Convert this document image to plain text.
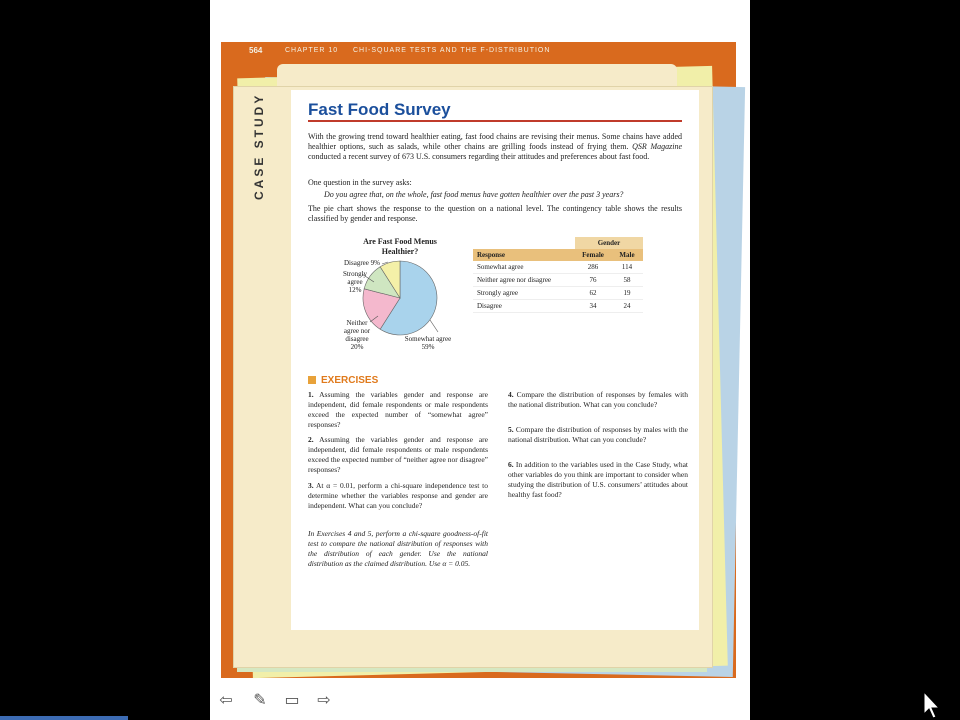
564	CHAPTER 10 CHI-SQUARE TESTS AND THE F-DISTRIBUTION
CASE STUDY Fast Food Survey
With the growing trend toward healthier eating, fast food chains are revising their menus. Some chains have added healthier options, such as salads, while other chains are grilling foods instead of frying them. QSR Magazine conducted a recent survey of 673 U.S. consumers regarding their attitudes and preferences about fast food.
One question in the survey asks:
Do you agree that, on the whole, fast food menus have gotten healthier over the past 3 years?
The pie chart shows the response to the question on a national level. The contingency table shows the results classified by gender and response.
Are Fast Food Menus Healthier?
Disagree 9%
Strongly
agree
12%
Neither
agree nor
disagree
20%
Somewhat agree
59%
	Gender	
Response	Female	Male
Somewhat agree	286	114
Neither agree nor disagree	76	58
Strongly agree	62	19
Disagree	34	24
EXERCISES
1. Assuming the variables gender and response are independent, did female respondents or male respondents exceed the expected number of “somewhat agree” responses?
2. Assuming the variables gender and response are independent, did female respondents or male respondents exceed the expected number of “neither agree nor disagree” responses?
3. At α = 0.01, perform a chi-square independence test to determine whether the variables response and gender are independent. What can you conclude?
In Exercises 4 and 5, perform a chi-square goodness-of-fit test to compare the national distribution of responses with the distribution of each gender. Use the national distribution as the claimed distribution. Use α = 0.05.
4. Compare the distribution of responses by females with the national distribution. What can you conclude?
5. Compare the distribution of responses by males with the national distribution. What can you conclude?
6. In addition to the variables used in the Case Study, what other variables do you think are important to consider when studying the distribution of U.S. consumers’ attitudes about healthy fast food?
⇦ ✎ ▭ ⇨
